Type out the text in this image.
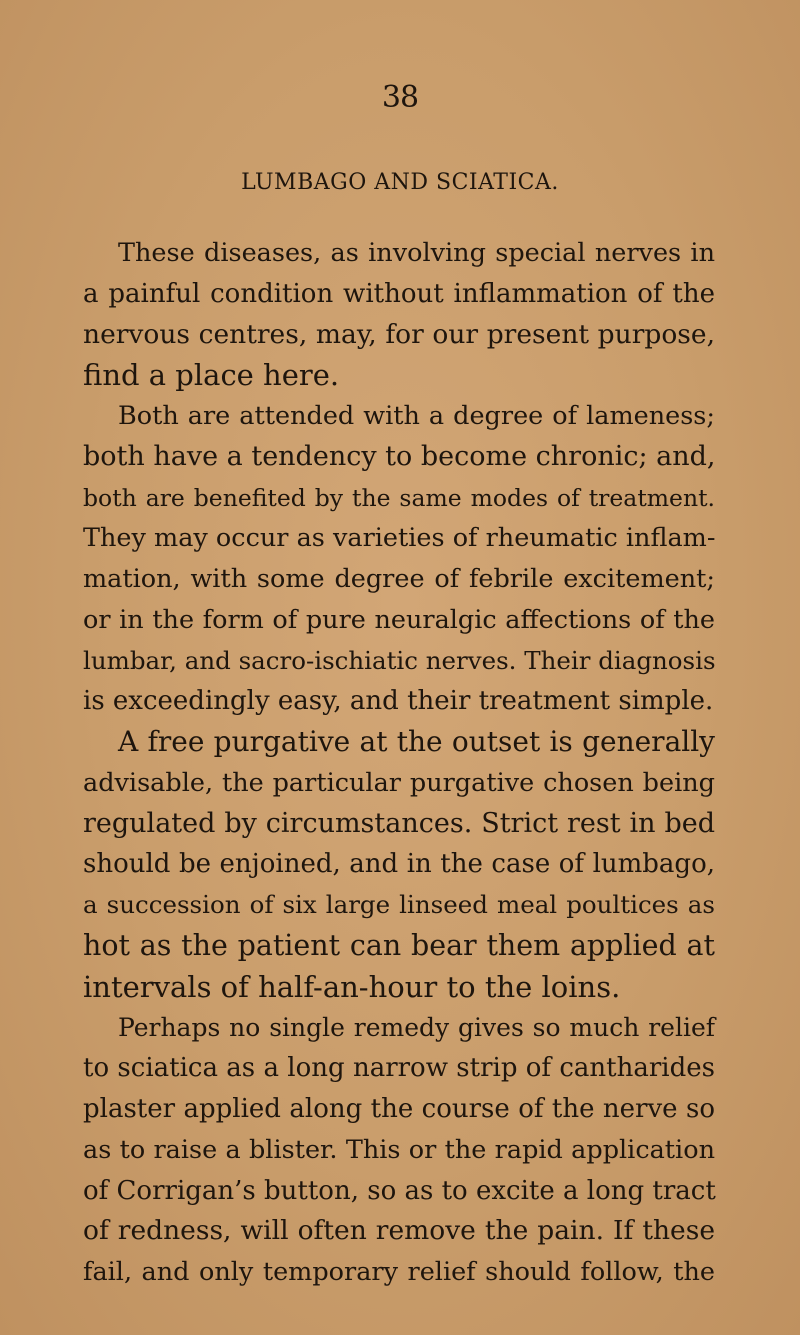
38
LUMBAGO AND SCIATICA.
These diseases, as involving special nerves in
a painful condition without inflammation of the
nervous centres, may, for our present purpose,
find a place here.
Both are attended with a degree of lameness;
both have a tendency to become chronic; and,
both are benefited by the same modes of treatment.
They may occur as varieties of rheumatic inflam-
mation, with some degree of febrile excitement;
or in the form of pure neuralgic affections of the
lumbar, and sacro-ischiatic nerves. Their diagnosis
is exceedingly easy, and their treatment simple.
A free purgative at the outset is generally
advisable, the particular purgative chosen being
regulated by circumstances. Strict rest in bed
should be enjoined, and in the case of lumbago,
a succession of six large linseed meal poultices as
hot as the patient can bear them applied at
intervals of half-an-hour to the loins.
Perhaps no single remedy gives so much relief
to sciatica as a long narrow strip of cantharides
plaster applied along the course of the nerve so
as to raise a blister. This or the rapid application
of Corrigan’s button, so as to excite a long tract
of redness, will often remove the pain. If these
fail, and only temporary relief should follow, the
